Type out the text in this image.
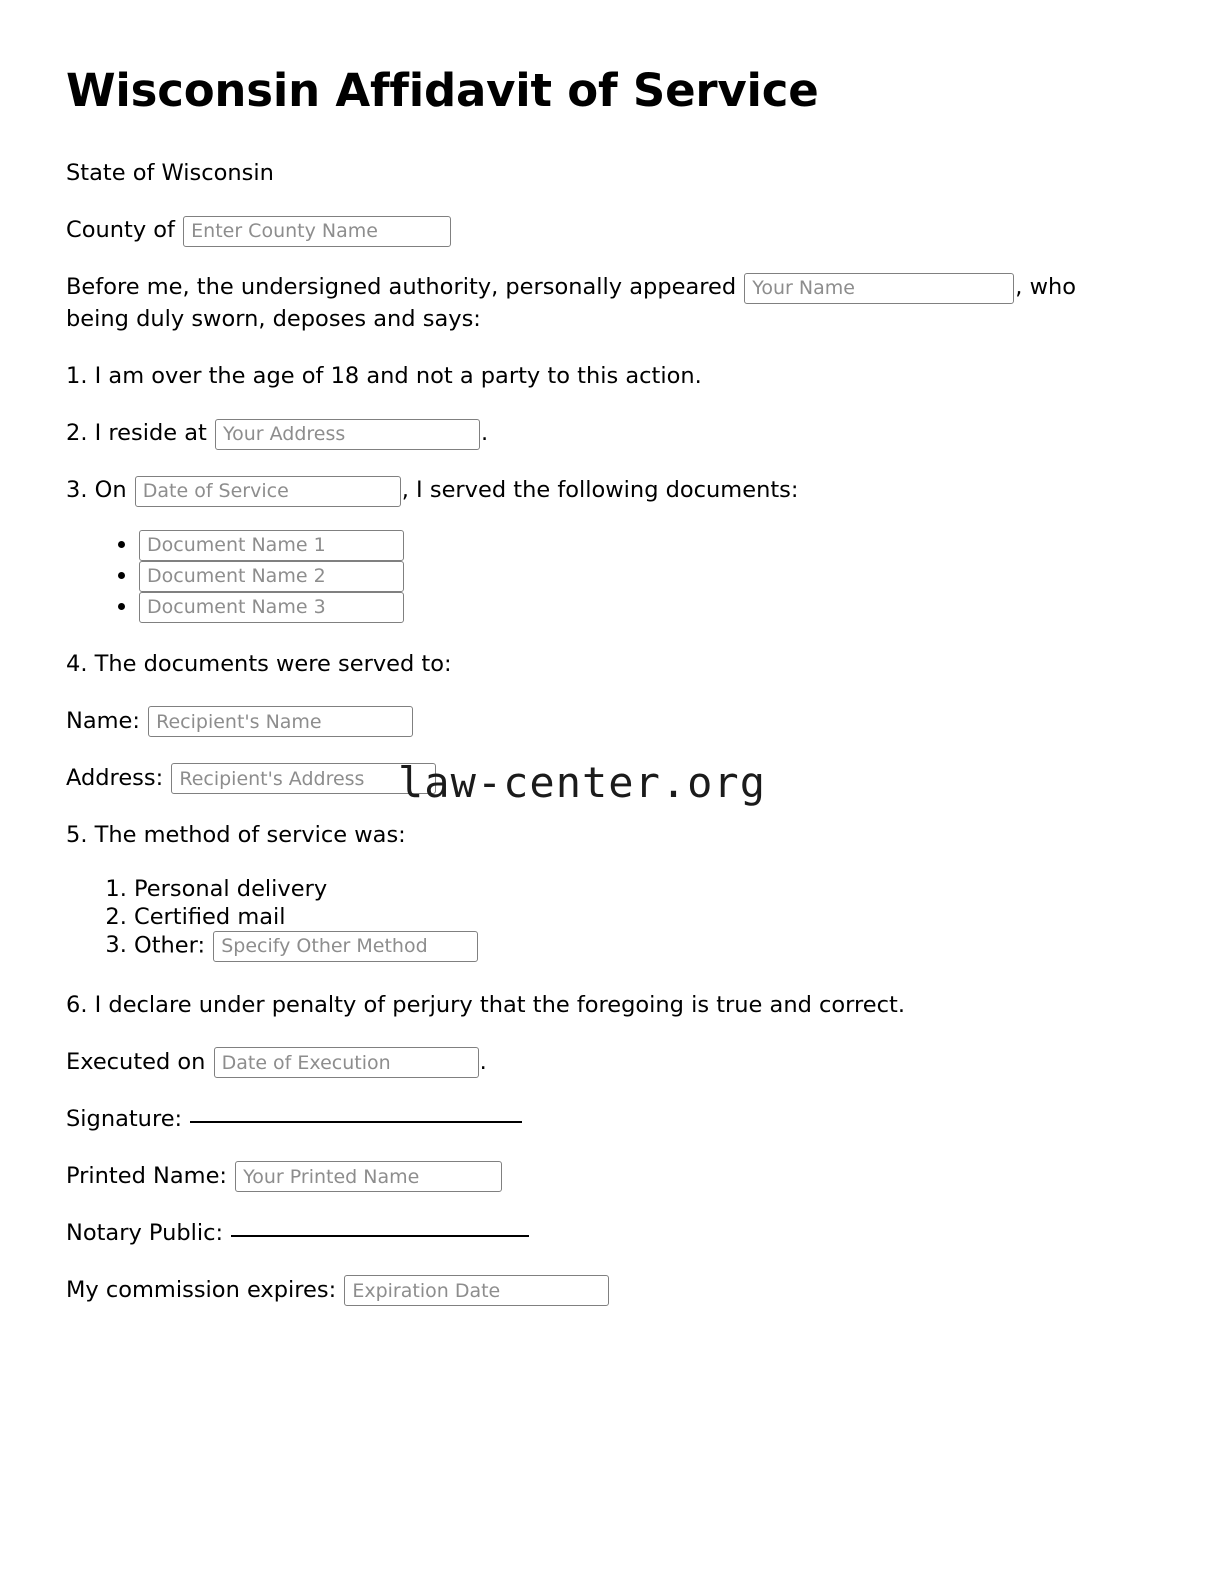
Wisconsin Affidavit of Service

State of Wisconsin

County of Enter County Name

Before me, the undersigned authority, personally appeared Your Name	, who being duly sworn, deposes and says:

1. I am over the age of 18 and not a party to this action.

2. I reside at Your Address	.

3. On Date of Service	, I served the following documents:

• Document Name 1
• Document Name 2
• Document Name 3

4. The documents were served to:

Name: Recipient's Name

Address: Recipient's Address

5. The method of service was:

1. Personal delivery
2. Certified mail
3. Other: Specify Other Method

6. I declare under penalty of perjury that the foregoing is true and correct.

Executed on Date of Execution	.

Signature:

Printed Name: Your Printed Name

Notary Public:

My commission expires: Expiration Date

law-center.org
